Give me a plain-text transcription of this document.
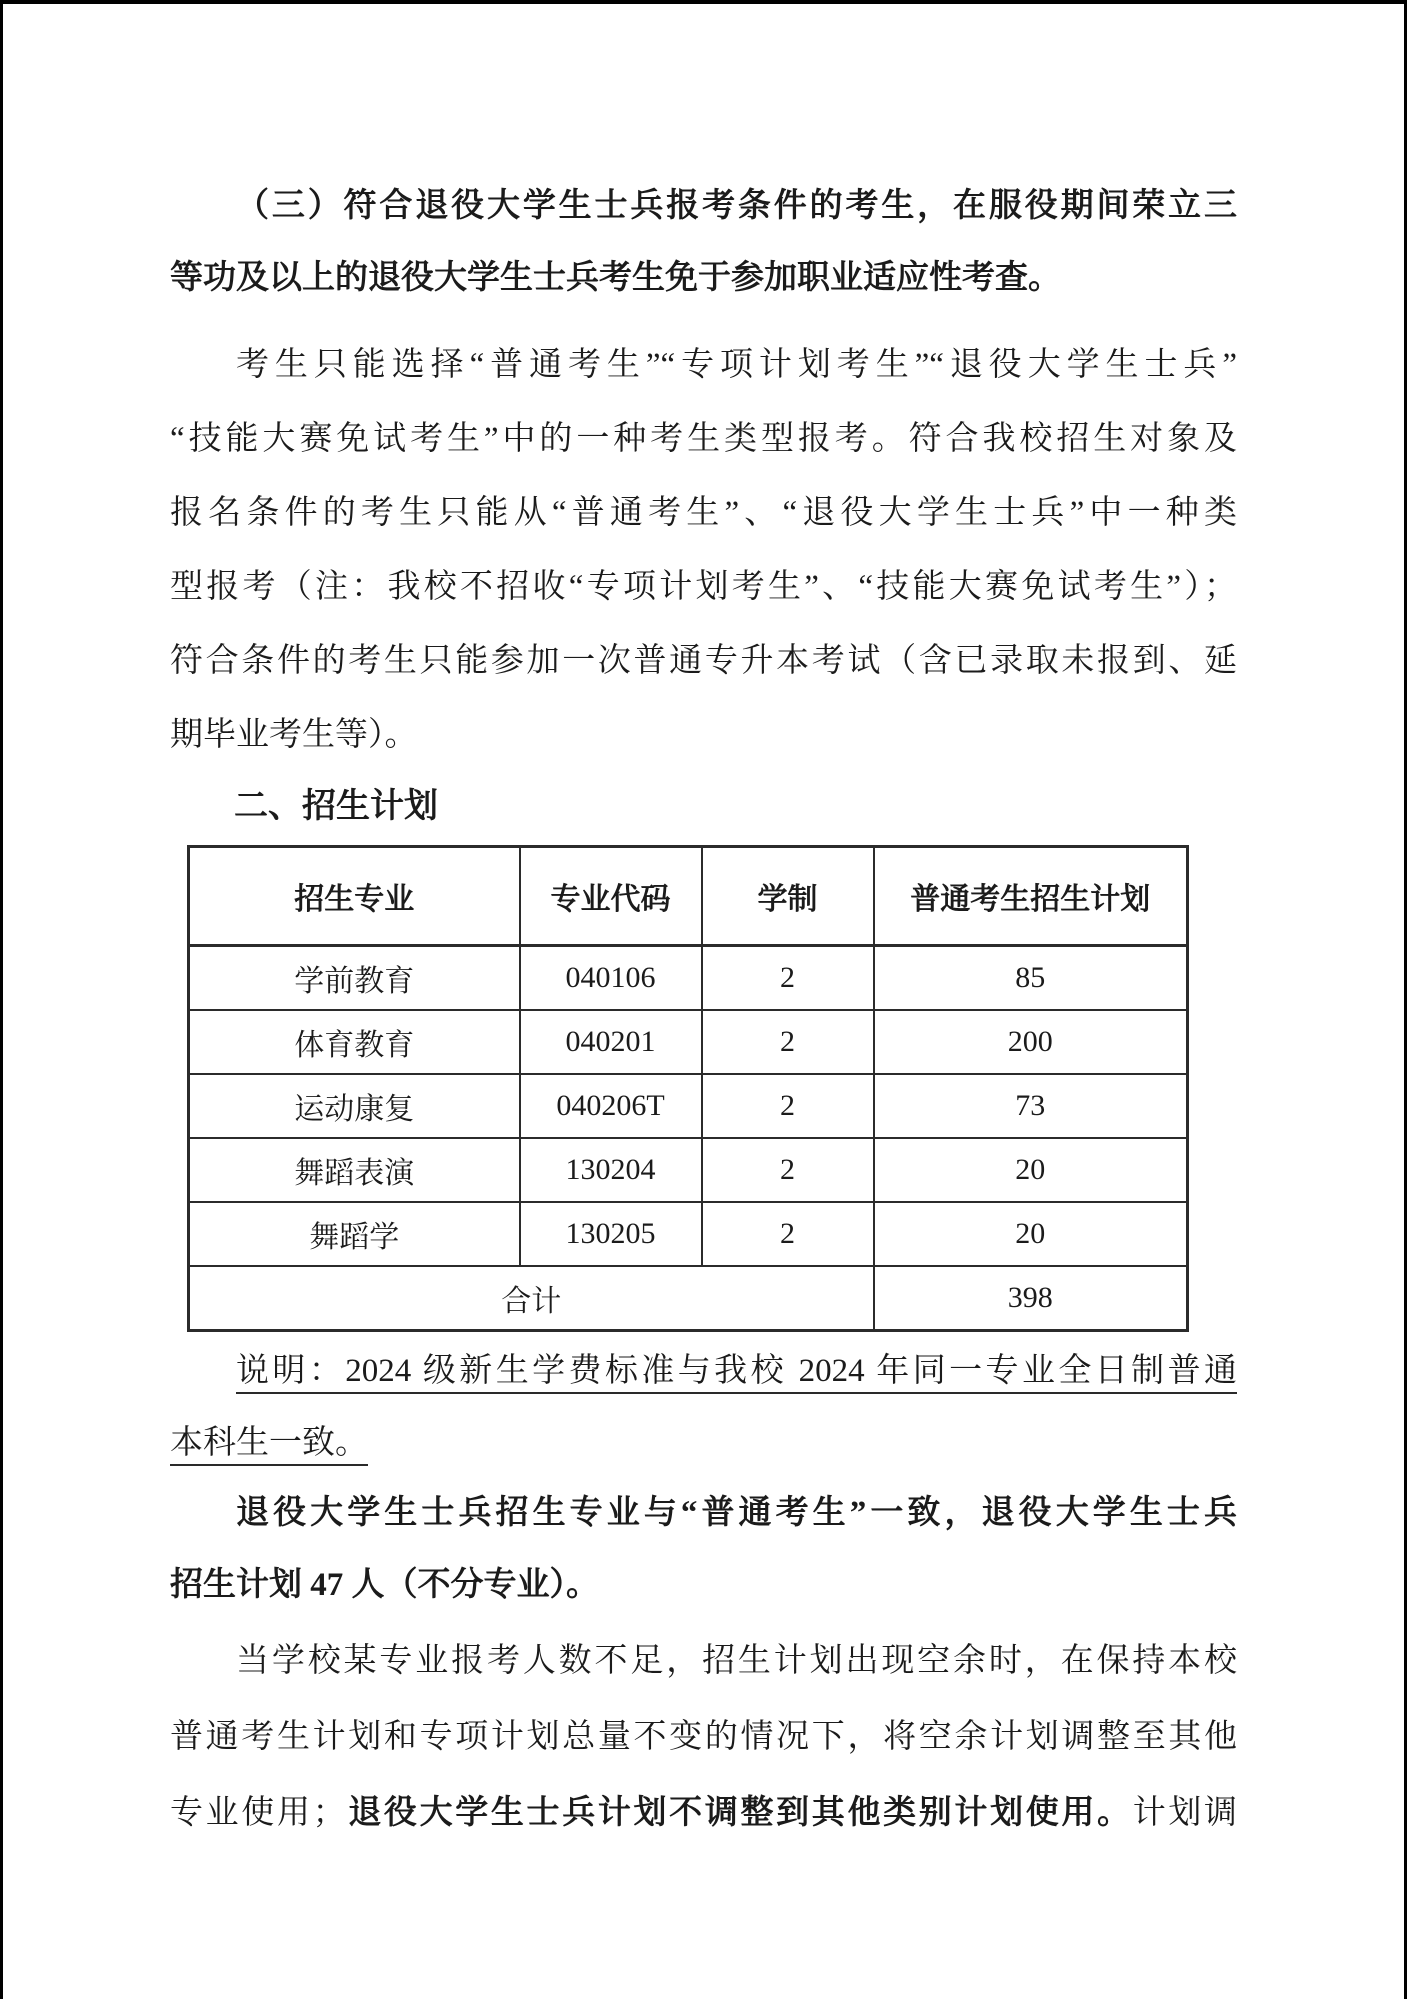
（三）符合退役大学生士兵报考条件的考生，在服役期间荣立三
等功及以上的退役大学生士兵考生免于参加职业适应性考查。
考生只能选择“普通考生”“专项计划考生”“退役大学生士兵”
“技能大赛免试考生”中的一种考生类型报考。符合我校招生对象及
报名条件的考生只能从“普通考生”、“退役大学生士兵”中一种类
型报考（注：我校不招收“专项计划考生”、“技能大赛免试考生”）；
符合条件的考生只能参加一次普通专升本考试（含已录取未报到、延
期毕业考生等）。
二、招生计划
招生专业	专业代码	学制	普通考生招生计划
学前教育	040106	2	85
体育教育	040201	2	200
运动康复	040206T	2	73
舞蹈表演	130204	2	20
舞蹈学	130205	2	20
合计			398
说明：2024 级新生学费标准与我校 2024 年同一专业全日制普通
本科生一致。
退役大学生士兵招生专业与“普通考生”一致，退役大学生士兵
招生计划 47 人（不分专业）。
当学校某专业报考人数不足，招生计划出现空余时，在保持本校
普通考生计划和专项计划总量不变的情况下，将空余计划调整至其他
专业使用；退役大学生士兵计划不调整到其他类别计划使用。计划调
